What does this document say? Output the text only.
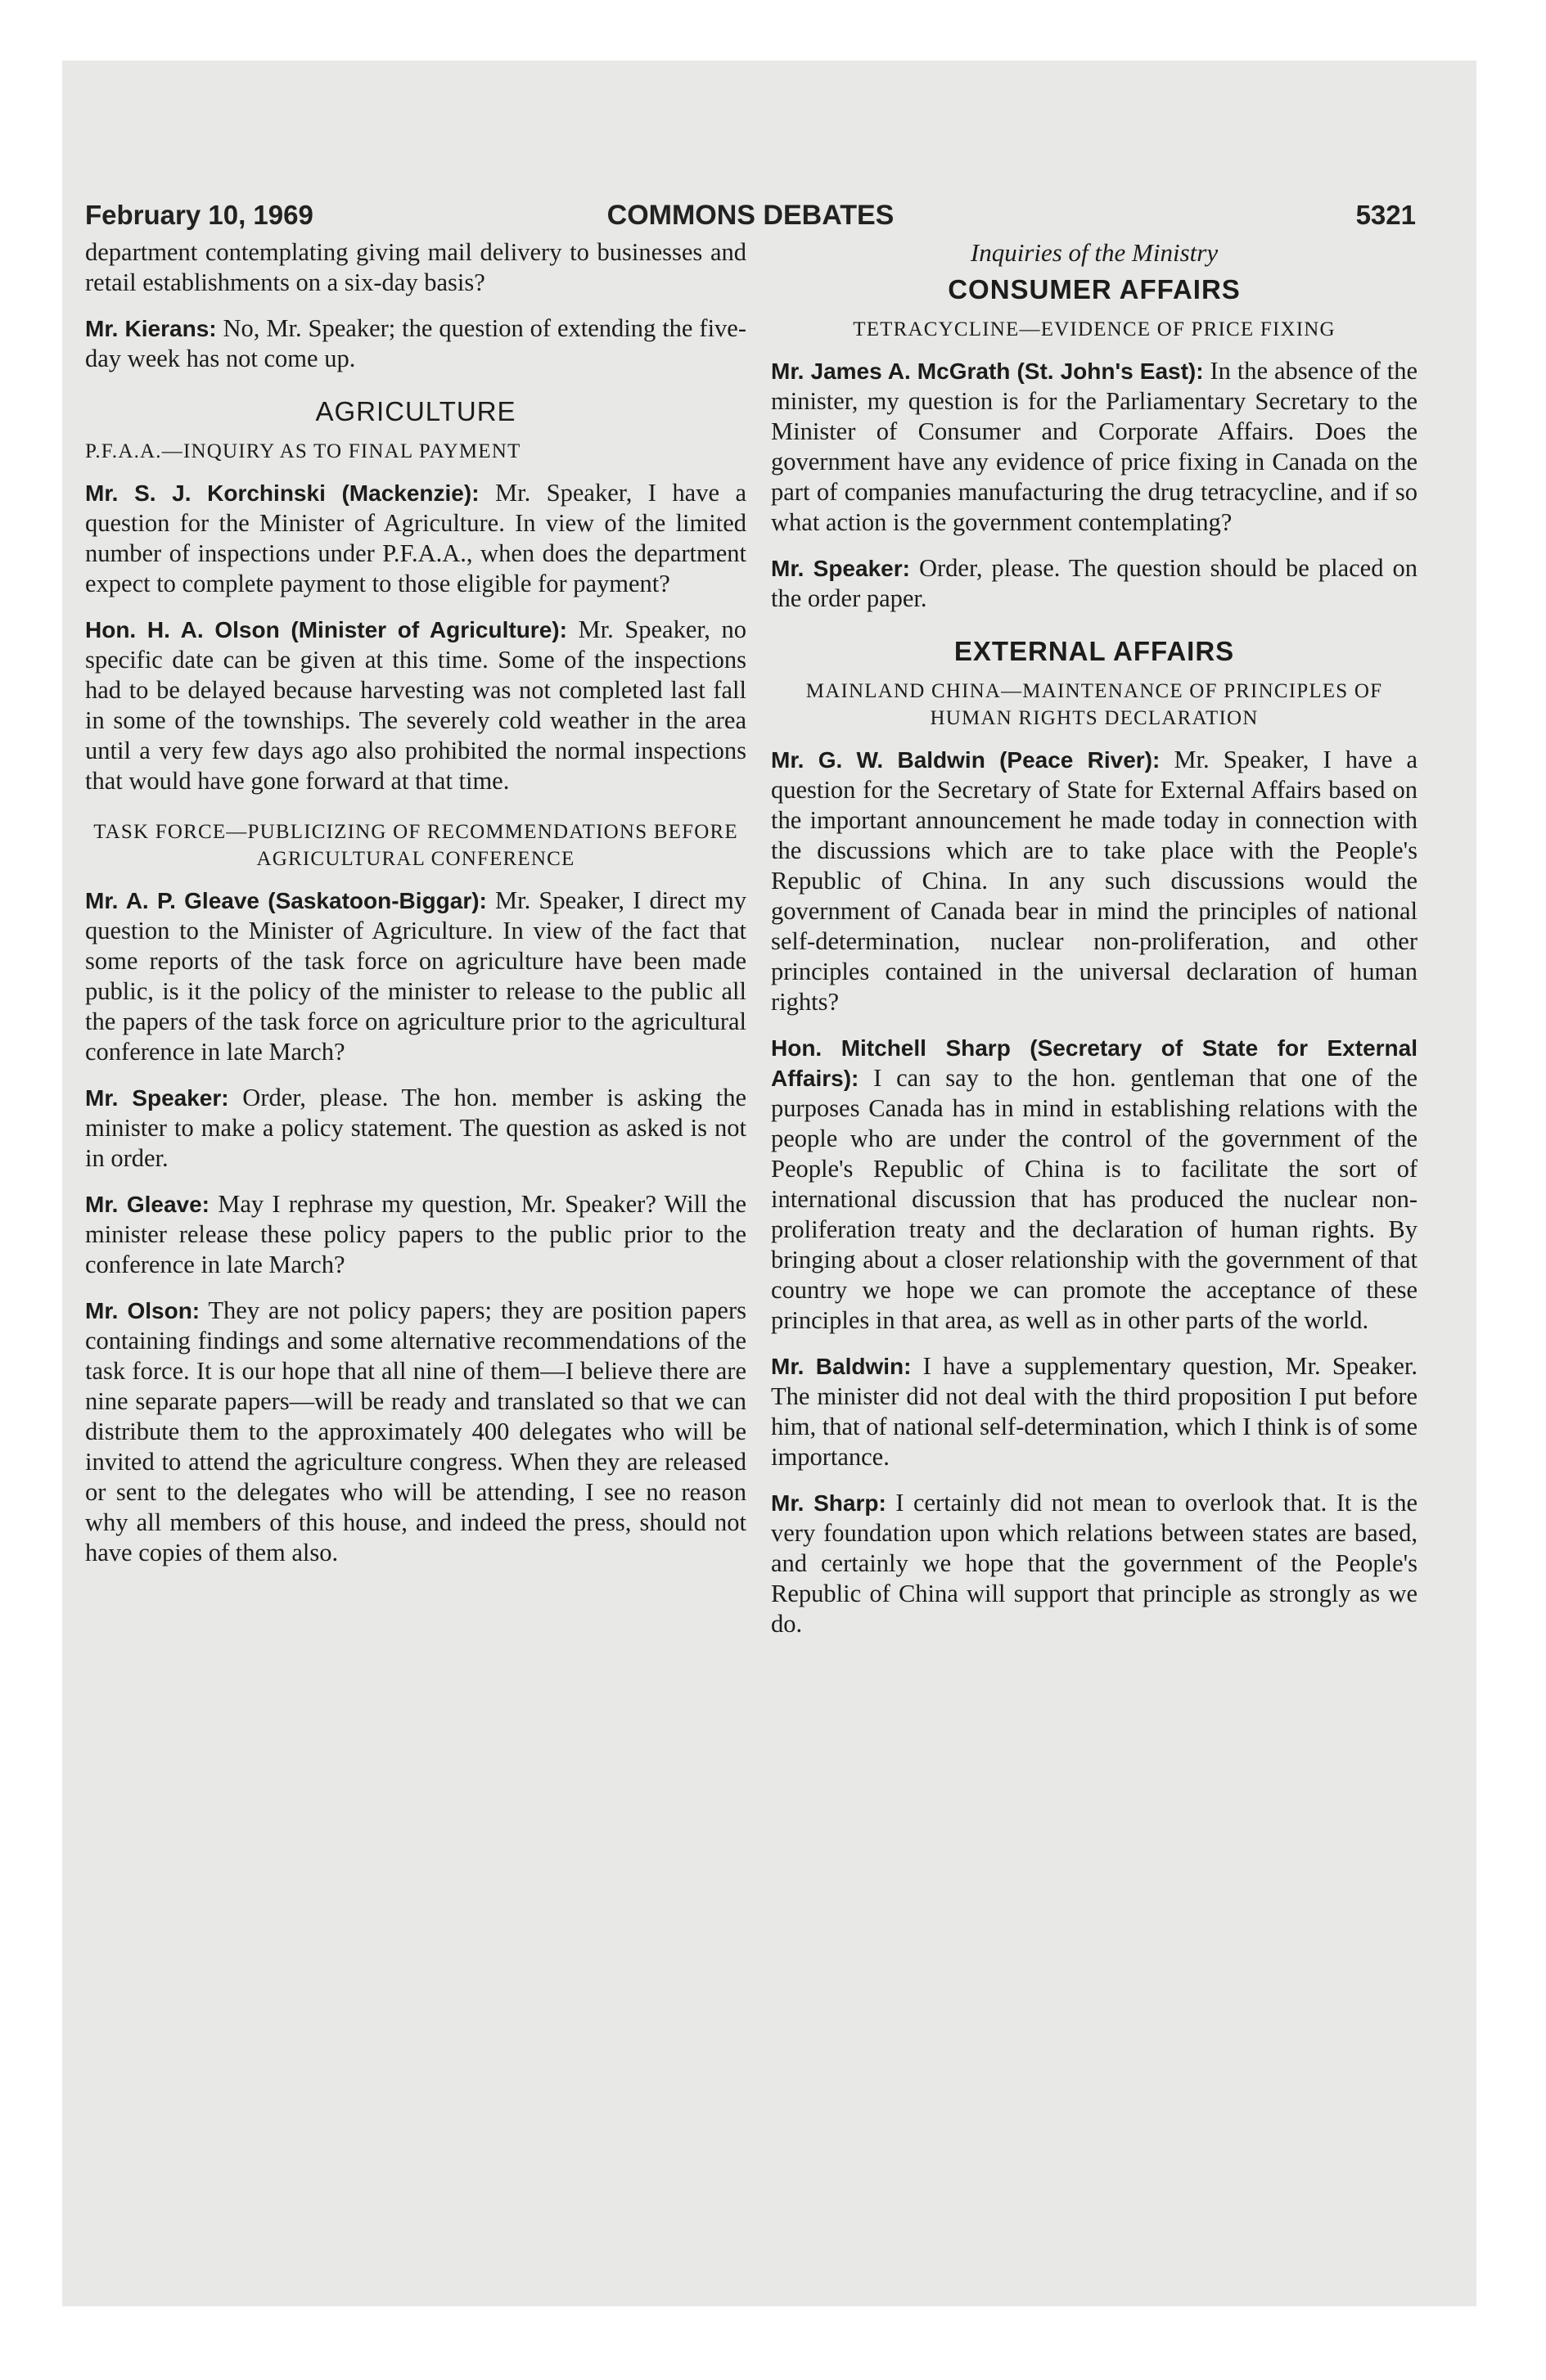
February 10, 1969	COMMONS DEBATES	5321

department contemplating giving mail delivery to businesses and retail establishments on a six-day basis?

Mr. Kierans: No, Mr. Speaker; the question of extending the five-day week has not come up.

AGRICULTURE
P.F.A.A.—INQUIRY AS TO FINAL PAYMENT

Mr. S. J. Korchinski (Mackenzie): Mr. Speaker, I have a question for the Minister of Agriculture. In view of the limited number of inspections under P.F.A.A., when does the department expect to complete payment to those eligible for payment?

Hon. H. A. Olson (Minister of Agriculture): Mr. Speaker, no specific date can be given at this time. Some of the inspections had to be delayed because harvesting was not completed last fall in some of the townships. The severely cold weather in the area until a very few days ago also prohibited the normal inspections that would have gone forward at that time.

TASK FORCE—PUBLICIZING OF RECOMMENDATIONS BEFORE AGRICULTURAL CONFERENCE

Mr. A. P. Gleave (Saskatoon-Biggar): Mr. Speaker, I direct my question to the Minister of Agriculture. In view of the fact that some reports of the task force on agriculture have been made public, is it the policy of the minister to release to the public all the papers of the task force on agriculture prior to the agricultural conference in late March?

Mr. Speaker: Order, please. The hon. member is asking the minister to make a policy statement. The question as asked is not in order.

Mr. Gleave: May I rephrase my question, Mr. Speaker? Will the minister release these policy papers to the public prior to the conference in late March?

Mr. Olson: They are not policy papers; they are position papers containing findings and some alternative recommendations of the task force. It is our hope that all nine of them—I believe there are nine separate papers—will be ready and translated so that we can distribute them to the approximately 400 delegates who will be invited to attend the agriculture congress. When they are released or sent to the delegates who will be attending, I see no reason why all members of this house, and indeed the press, should not have copies of them also.

Inquiries of the Ministry
CONSUMER AFFAIRS
TETRACYCLINE—EVIDENCE OF PRICE FIXING

Mr. James A. McGrath (St. John's East): In the absence of the minister, my question is for the Parliamentary Secretary to the Minister of Consumer and Corporate Affairs. Does the government have any evidence of price fixing in Canada on the part of companies manufacturing the drug tetracycline, and if so what action is the government contemplating?

Mr. Speaker: Order, please. The question should be placed on the order paper.

EXTERNAL AFFAIRS
MAINLAND CHINA—MAINTENANCE OF PRINCIPLES OF HUMAN RIGHTS DECLARATION

Mr. G. W. Baldwin (Peace River): Mr. Speaker, I have a question for the Secretary of State for External Affairs based on the important announcement he made today in connection with the discussions which are to take place with the People's Republic of China. In any such discussions would the government of Canada bear in mind the principles of national self-determination, nuclear non-proliferation, and other principles contained in the universal declaration of human rights?

Hon. Mitchell Sharp (Secretary of State for External Affairs): I can say to the hon. gentleman that one of the purposes Canada has in mind in establishing relations with the people who are under the control of the government of the People's Republic of China is to facilitate the sort of international discussion that has produced the nuclear non-proliferation treaty and the declaration of human rights. By bringing about a closer relationship with the government of that country we hope we can promote the acceptance of these principles in that area, as well as in other parts of the world.

Mr. Baldwin: I have a supplementary question, Mr. Speaker. The minister did not deal with the third proposition I put before him, that of national self-determination, which I think is of some importance.

Mr. Sharp: I certainly did not mean to overlook that. It is the very foundation upon which relations between states are based, and certainly we hope that the government of the People's Republic of China will support that principle as strongly as we do.
